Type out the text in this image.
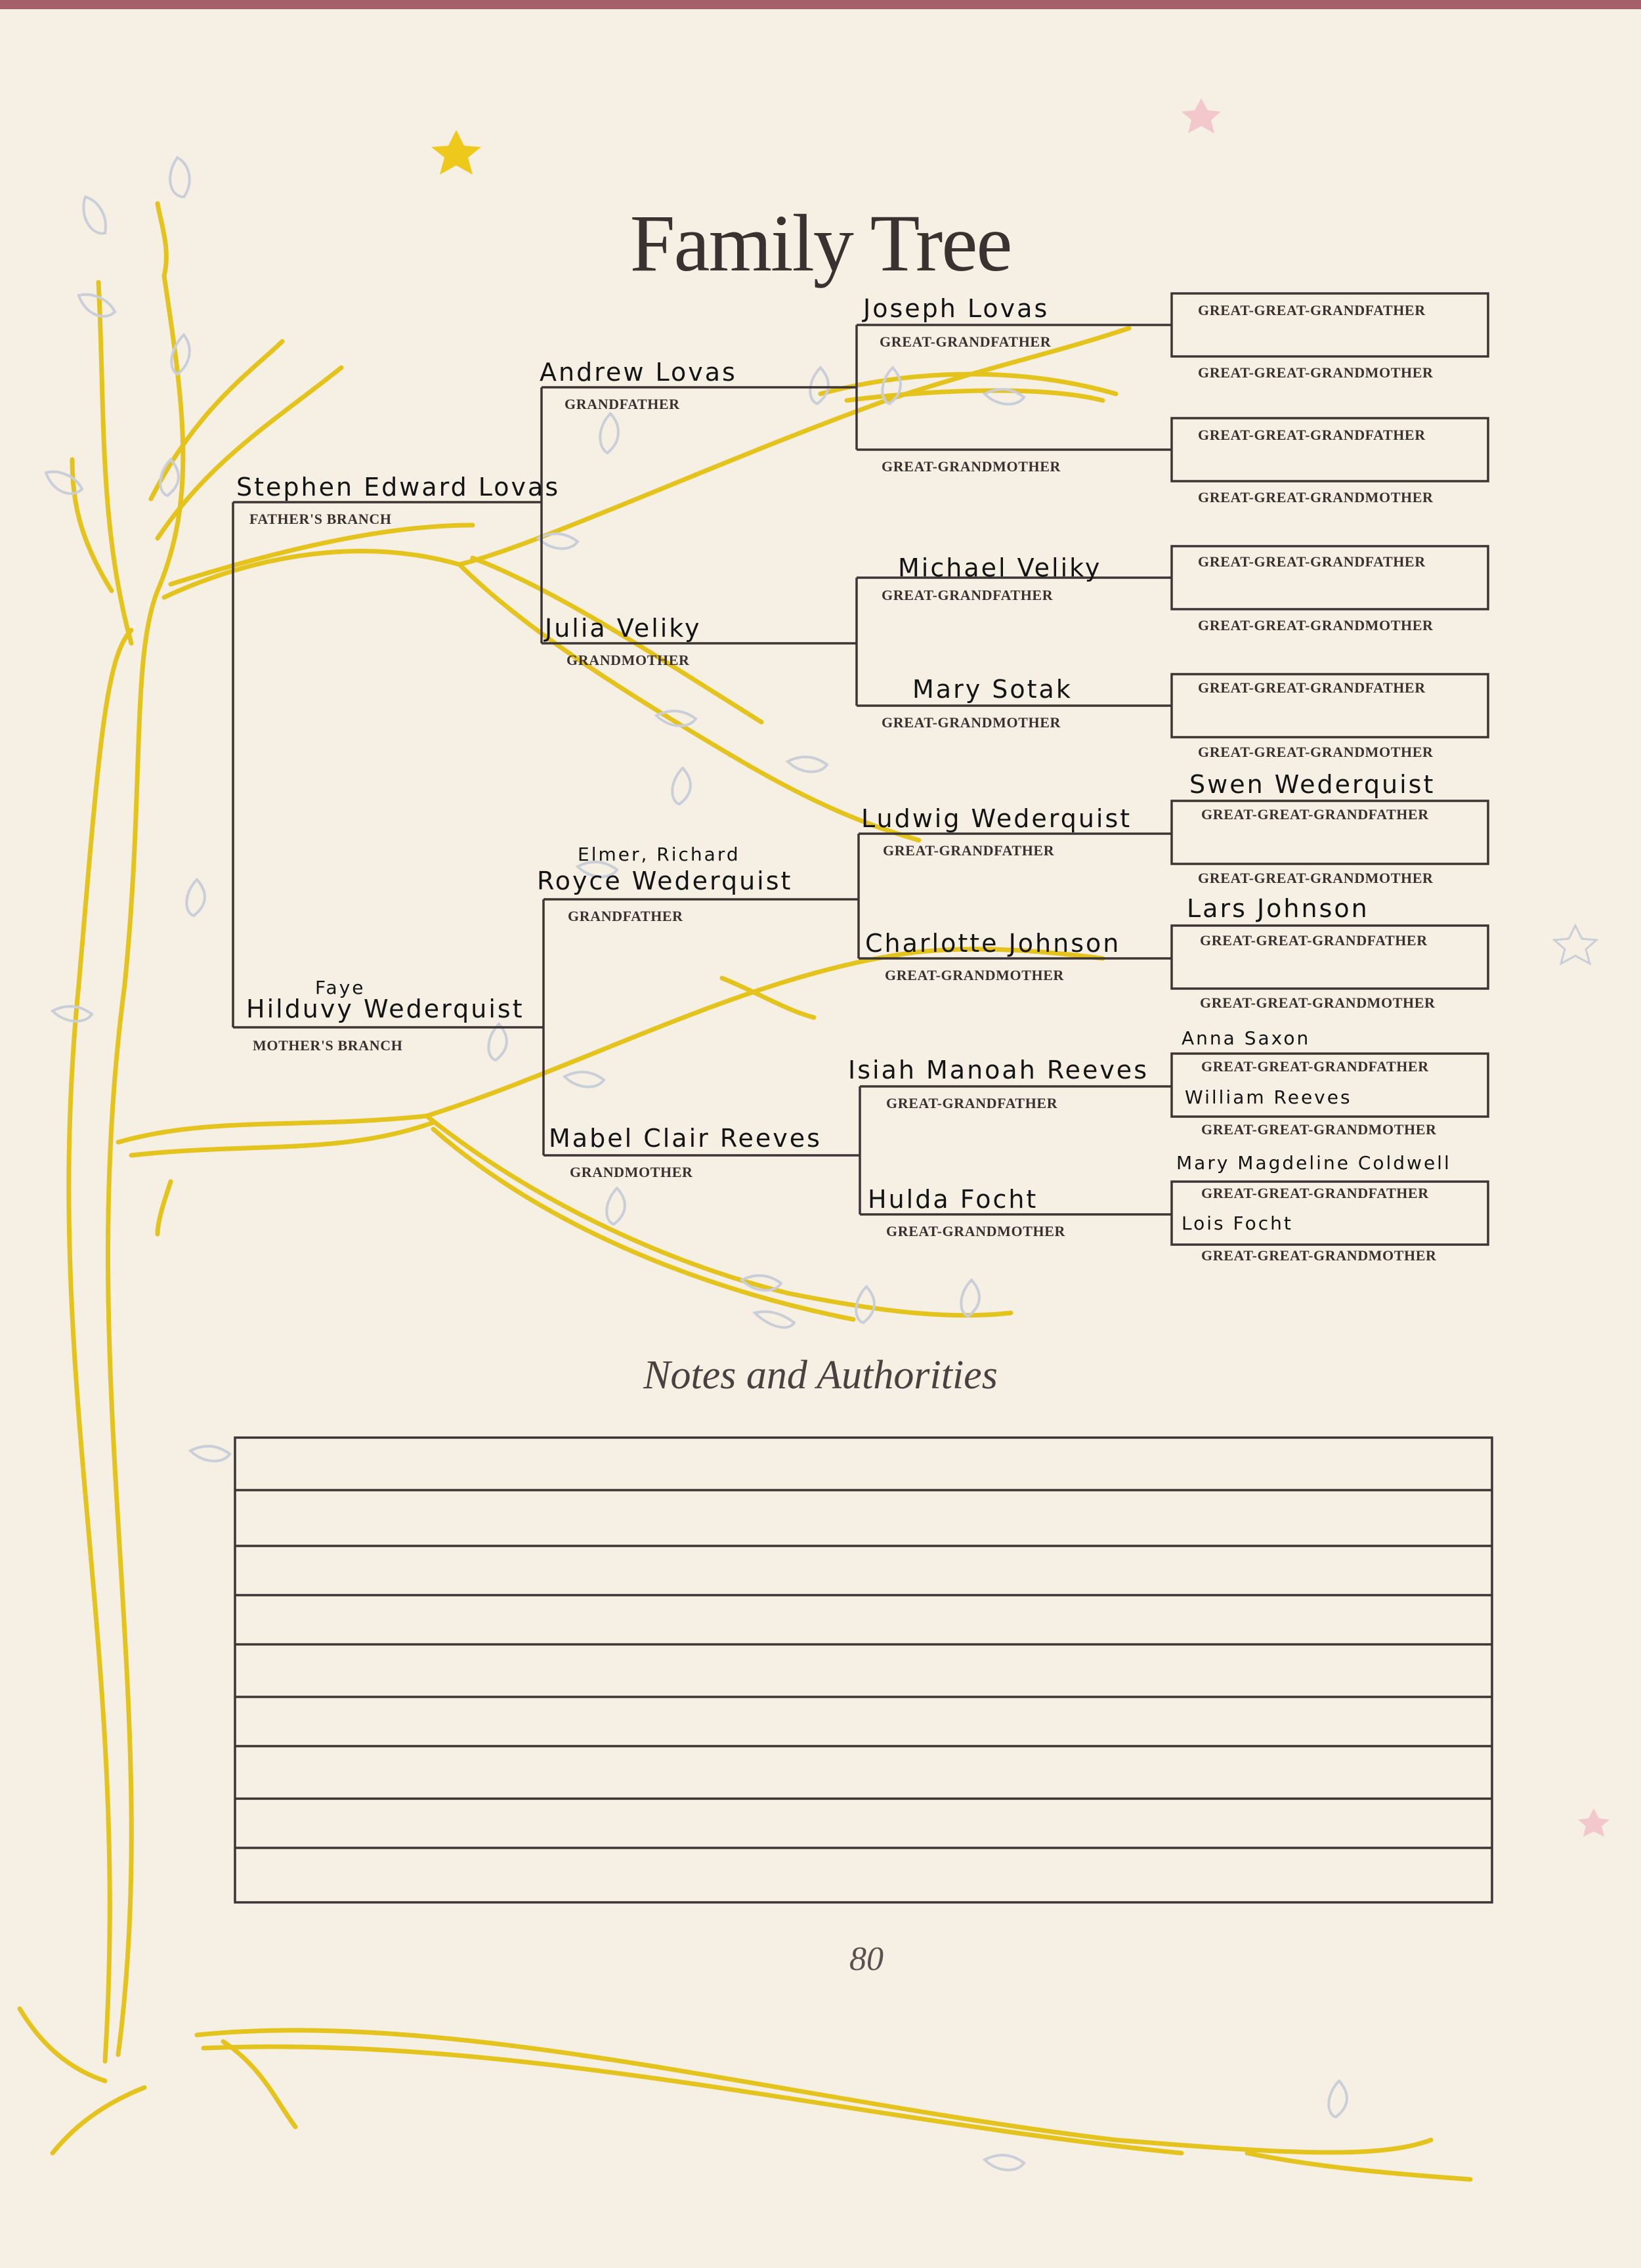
Family Tree
Stephen Edward Lovas
FATHER'S BRANCH
Faye
Hilduvy Wederquist
MOTHER'S BRANCH
Andrew Lovas
GRANDFATHER
Julia Veliky
GRANDMOTHER
Elmer, Richard
Royce Wederquist
GRANDFATHER
Mabel Clair Reeves
GRANDMOTHER
Joseph Lovas
GREAT-GRANDFATHER
GREAT-GRANDMOTHER
Michael Veliky
GREAT-GRANDFATHER
Mary Sotak
GREAT-GRANDMOTHER
Ludwig Wederquist
GREAT-GRANDFATHER
Charlotte Johnson
GREAT-GRANDMOTHER
Isiah Manoah Reeves
GREAT-GRANDFATHER
Hulda Focht
GREAT-GRANDMOTHER
GREAT-GREAT-GRANDFATHER
GREAT-GREAT-GRANDMOTHER
GREAT-GREAT-GRANDFATHER
GREAT-GREAT-GRANDMOTHER
GREAT-GREAT-GRANDFATHER
GREAT-GREAT-GRANDMOTHER
GREAT-GREAT-GRANDFATHER
GREAT-GREAT-GRANDMOTHER
Swen Wederquist
GREAT-GREAT-GRANDFATHER
GREAT-GREAT-GRANDMOTHER
Lars Johnson
GREAT-GREAT-GRANDFATHER
GREAT-GREAT-GRANDMOTHER
Anna Saxon
GREAT-GREAT-GRANDFATHER
William Reeves
GREAT-GREAT-GRANDMOTHER
Mary Magdeline Coldwell
GREAT-GREAT-GRANDFATHER
Lois Focht
GREAT-GREAT-GRANDMOTHER
Notes and Authorities
80
